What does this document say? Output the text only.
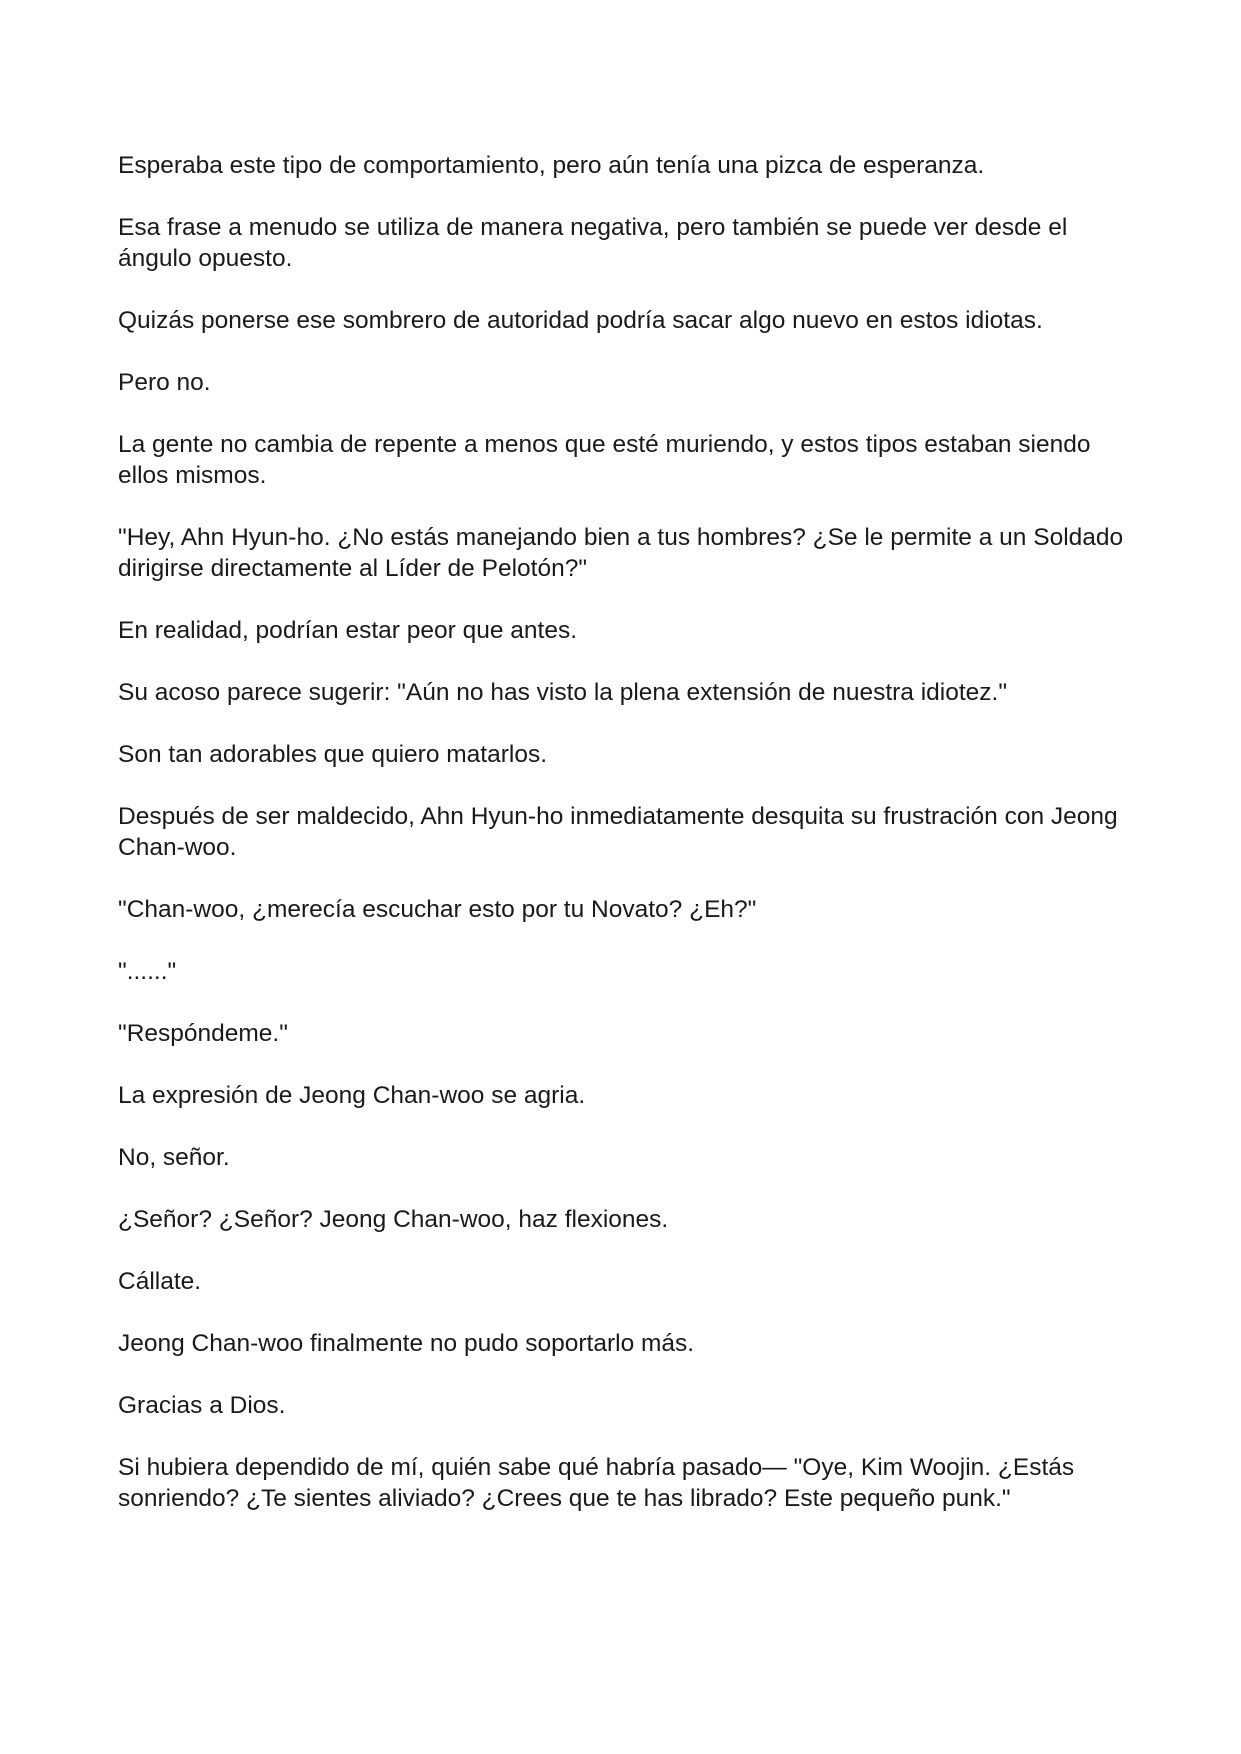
Esperaba este tipo de comportamiento, pero aún tenía una pizca de esperanza.

Esa frase a menudo se utiliza de manera negativa, pero también se puede ver desde el ángulo opuesto.

Quizás ponerse ese sombrero de autoridad podría sacar algo nuevo en estos idiotas.

Pero no.

La gente no cambia de repente a menos que esté muriendo, y estos tipos estaban siendo ellos mismos.

"Hey, Ahn Hyun-ho. ¿No estás manejando bien a tus hombres? ¿Se le permite a un Soldado dirigirse directamente al Líder de Pelotón?"

En realidad, podrían estar peor que antes.

Su acoso parece sugerir: "Aún no has visto la plena extensión de nuestra idiotez."

Son tan adorables que quiero matarlos.

Después de ser maldecido, Ahn Hyun-ho inmediatamente desquita su frustración con Jeong Chan-woo.

"Chan-woo, ¿merecía escuchar esto por tu Novato? ¿Eh?"

"......"

"Respóndeme."

La expresión de Jeong Chan-woo se agria.

No, señor.

¿Señor? ¿Señor? Jeong Chan-woo, haz flexiones.

Cállate.

Jeong Chan-woo finalmente no pudo soportarlo más.

Gracias a Dios.

Si hubiera dependido de mí, quién sabe qué habría pasado— "Oye, Kim Woojin. ¿Estás sonriendo? ¿Te sientes aliviado? ¿Crees que te has librado? Este pequeño punk."
